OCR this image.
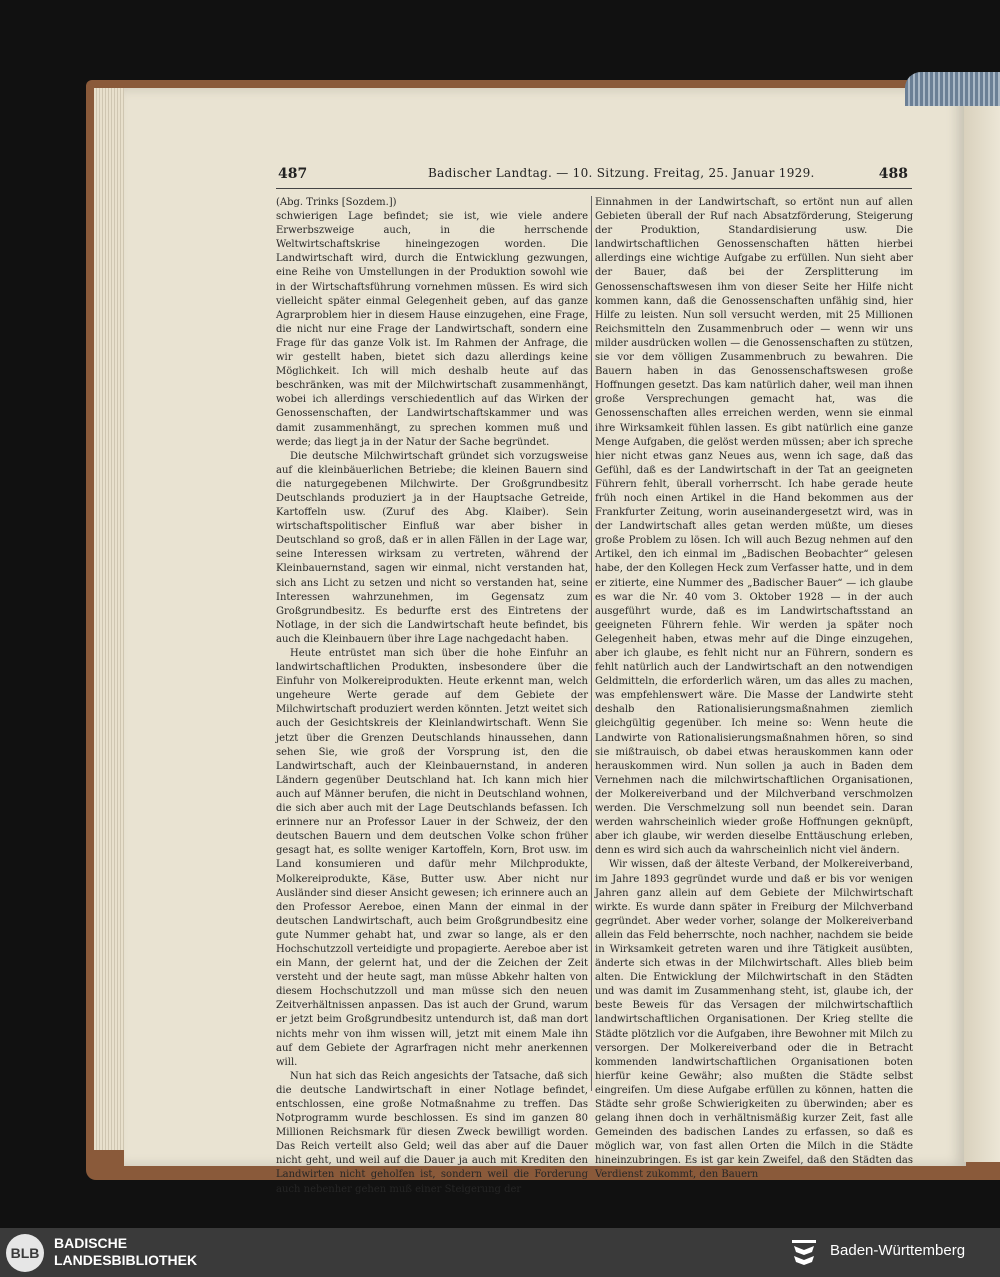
487	Badischer Landtag. — 10. Sitzung. Freitag, 25. Januar 1929.	488

(Abg. Trinks [Sozdem.])

schwierigen Lage befindet; sie ist, wie viele andere Erwerbszweige auch, in die herrschende Weltwirtschaftskrise hineingezogen worden. Die Landwirtschaft wird, durch die Entwicklung gezwungen, eine Reihe von Umstellungen in der Produktion sowohl wie in der Wirtschaftsführung vornehmen müssen. Es wird sich vielleicht später einmal Gelegenheit geben, auf das ganze Agrarproblem hier in diesem Hause einzugehen, eine Frage, die nicht nur eine Frage der Landwirtschaft, sondern eine Frage für das ganze Volk ist. Im Rahmen der Anfrage, die wir gestellt haben, bietet sich dazu allerdings keine Möglichkeit. Ich will mich deshalb heute auf das beschränken, was mit der Milchwirtschaft zusammenhängt, wobei ich allerdings verschiedentlich auf das Wirken der Genossenschaften, der Landwirtschaftskammer und was damit zusammenhängt, zu sprechen kommen muß und werde; das liegt ja in der Natur der Sache begründet.

Die deutsche Milchwirtschaft gründet sich vorzugsweise auf die kleinbäuerlichen Betriebe; die kleinen Bauern sind die naturgegebenen Milchwirte. Der Großgrundbesitz Deutschlands produziert ja in der Hauptsache Getreide, Kartoffeln usw. (Zuruf des Abg. Klaiber). Sein wirtschaftspolitischer Einfluß war aber bisher in Deutschland so groß, daß er in allen Fällen in der Lage war, seine Interessen wirksam zu vertreten, während der Kleinbauernstand, sagen wir einmal, nicht verstanden hat, sich ans Licht zu setzen und nicht so verstanden hat, seine Interessen wahrzunehmen, im Gegensatz zum Großgrundbesitz. Es bedurfte erst des Eintretens der Notlage, in der sich die Landwirtschaft heute befindet, bis auch die Kleinbauern über ihre Lage nachgedacht haben.

Heute entrüstet man sich über die hohe Einfuhr an landwirtschaftlichen Produkten, insbesondere über die Einfuhr von Molkereiprodukten. Heute erkennt man, welch ungeheure Werte gerade auf dem Gebiete der Milchwirtschaft produziert werden könnten. Jetzt weitet sich auch der Gesichtskreis der Kleinlandwirtschaft. Wenn Sie jetzt über die Grenzen Deutschlands hinaussehen, dann sehen Sie, wie groß der Vorsprung ist, den die Landwirtschaft, auch der Kleinbauernstand, in anderen Ländern gegenüber Deutschland hat. Ich kann mich hier auch auf Männer berufen, die nicht in Deutschland wohnen, die sich aber auch mit der Lage Deutschlands befassen. Ich erinnere nur an Professor Lauer in der Schweiz, der den deutschen Bauern und dem deutschen Volke schon früher gesagt hat, es sollte weniger Kartoffeln, Korn, Brot usw. im Land konsumieren und dafür mehr Milchprodukte, Molkereiprodukte, Käse, Butter usw. Aber nicht nur Ausländer sind dieser Ansicht gewesen; ich erinnere auch an den Professor Aereboe, einen Mann der einmal in der deutschen Landwirtschaft, auch beim Großgrundbesitz eine gute Nummer gehabt hat, und zwar so lange, als er den Hochschutzzoll verteidigte und propagierte. Aereboe aber ist ein Mann, der gelernt hat, und der die Zeichen der Zeit versteht und der heute sagt, man müsse Abkehr halten von diesem Hochschutzzoll und man müsse sich den neuen Zeitverhältnissen anpassen. Das ist auch der Grund, warum er jetzt beim Großgrundbesitz untendurch ist, daß man dort nichts mehr von ihm wissen will, jetzt mit einem Male ihn auf dem Gebiete der Agrarfragen nicht mehr anerkennen will.

Nun hat sich das Reich angesichts der Tatsache, daß sich die deutsche Landwirtschaft in einer Notlage befindet, entschlossen, eine große Notmaßnahme zu treffen. Das Notprogramm wurde beschlossen. Es sind im ganzen 80 Millionen Reichsmark für diesen Zweck bewilligt worden. Das Reich verteilt also Geld; weil das aber auf die Dauer nicht geht, und weil auf die Dauer ja auch mit Krediten den Landwirten nicht geholfen ist, sondern weil die Forderung auch nebenher gehen muß einer Steigerung der

Einnahmen in der Landwirtschaft, so ertönt nun auf allen Gebieten überall der Ruf nach Absatzförderung, Steigerung der Produktion, Standardisierung usw. Die landwirtschaftlichen Genossenschaften hätten hierbei allerdings eine wichtige Aufgabe zu erfüllen. Nun sieht aber der Bauer, daß bei der Zersplitterung im Genossenschaftswesen ihm von dieser Seite her Hilfe nicht kommen kann, daß die Genossenschaften unfähig sind, hier Hilfe zu leisten. Nun soll versucht werden, mit 25 Millionen Reichsmitteln den Zusammenbruch oder — wenn wir uns milder ausdrücken wollen — die Genossenschaften zu stützen, sie vor dem völligen Zusammenbruch zu bewahren. Die Bauern haben in das Genossenschaftswesen große Hoffnungen gesetzt. Das kam natürlich daher, weil man ihnen große Versprechungen gemacht hat, was die Genossenschaften alles erreichen werden, wenn sie einmal ihre Wirksamkeit fühlen lassen. Es gibt natürlich eine ganze Menge Aufgaben, die gelöst werden müssen; aber ich spreche hier nicht etwas ganz Neues aus, wenn ich sage, daß das Gefühl, daß es der Landwirtschaft in der Tat an geeigneten Führern fehlt, überall vorherrscht. Ich habe gerade heute früh noch einen Artikel in die Hand bekommen aus der Frankfurter Zeitung, worin auseinandergesetzt wird, was in der Landwirtschaft alles getan werden müßte, um dieses große Problem zu lösen. Ich will auch Bezug nehmen auf den Artikel, den ich einmal im „Badischen Beobachter“ gelesen habe, der den Kollegen Heck zum Verfasser hatte, und in dem er zitierte, eine Nummer des „Badischer Bauer“ — ich glaube es war die Nr. 40 vom 3. Oktober 1928 — in der auch ausgeführt wurde, daß es im Landwirtschaftsstand an geeigneten Führern fehle. Wir werden ja später noch Gelegenheit haben, etwas mehr auf die Dinge einzugehen, aber ich glaube, es fehlt nicht nur an Führern, sondern es fehlt natürlich auch der Landwirtschaft an den notwendigen Geldmitteln, die erforderlich wären, um das alles zu machen, was empfehlenswert wäre. Die Masse der Landwirte steht deshalb den Rationalisierungsmaßnahmen ziemlich gleichgültig gegenüber. Ich meine so: Wenn heute die Landwirte von Rationalisierungsmaßnahmen hören, so sind sie mißtrauisch, ob dabei etwas herauskommen kann oder herauskommen wird. Nun sollen ja auch in Baden dem Vernehmen nach die milchwirtschaftlichen Organisationen, der Molkereiverband und der Milchverband verschmolzen werden. Die Verschmelzung soll nun beendet sein. Daran werden wahrscheinlich wieder große Hoffnungen geknüpft, aber ich glaube, wir werden dieselbe Enttäuschung erleben, denn es wird sich auch da wahrscheinlich nicht viel ändern.

Wir wissen, daß der älteste Verband, der Molkereiverband, im Jahre 1893 gegründet wurde und daß er bis vor wenigen Jahren ganz allein auf dem Gebiete der Milchwirtschaft wirkte. Es wurde dann später in Freiburg der Milchverband gegründet. Aber weder vorher, solange der Molkereiverband allein das Feld beherrschte, noch nachher, nachdem sie beide in Wirksamkeit getreten waren und ihre Tätigkeit ausübten, änderte sich etwas in der Milchwirtschaft. Alles blieb beim alten. Die Entwicklung der Milchwirtschaft in den Städten und was damit im Zusammenhang steht, ist, glaube ich, der beste Beweis für das Versagen der milchwirtschaftlich landwirtschaftlichen Organisationen. Der Krieg stellte die Städte plötzlich vor die Aufgaben, ihre Bewohner mit Milch zu versorgen. Der Molkereiverband oder die in Betracht kommenden landwirtschaftlichen Organisationen boten hierfür keine Gewähr; also mußten die Städte selbst eingreifen. Um diese Aufgabe erfüllen zu können, hatten die Städte sehr große Schwierigkeiten zu überwinden; aber es gelang ihnen doch in verhältnismäßig kurzer Zeit, fast alle Gemeinden des badischen Landes zu erfassen, so daß es möglich war, von fast allen Orten die Milch in die Städte hineinzubringen. Es ist gar kein Zweifel, daß den Städten das Verdienst zukommt, den Bauern

BLB
BADISCHE
LANDESBIBLIOTHEK
Baden-Württemberg
